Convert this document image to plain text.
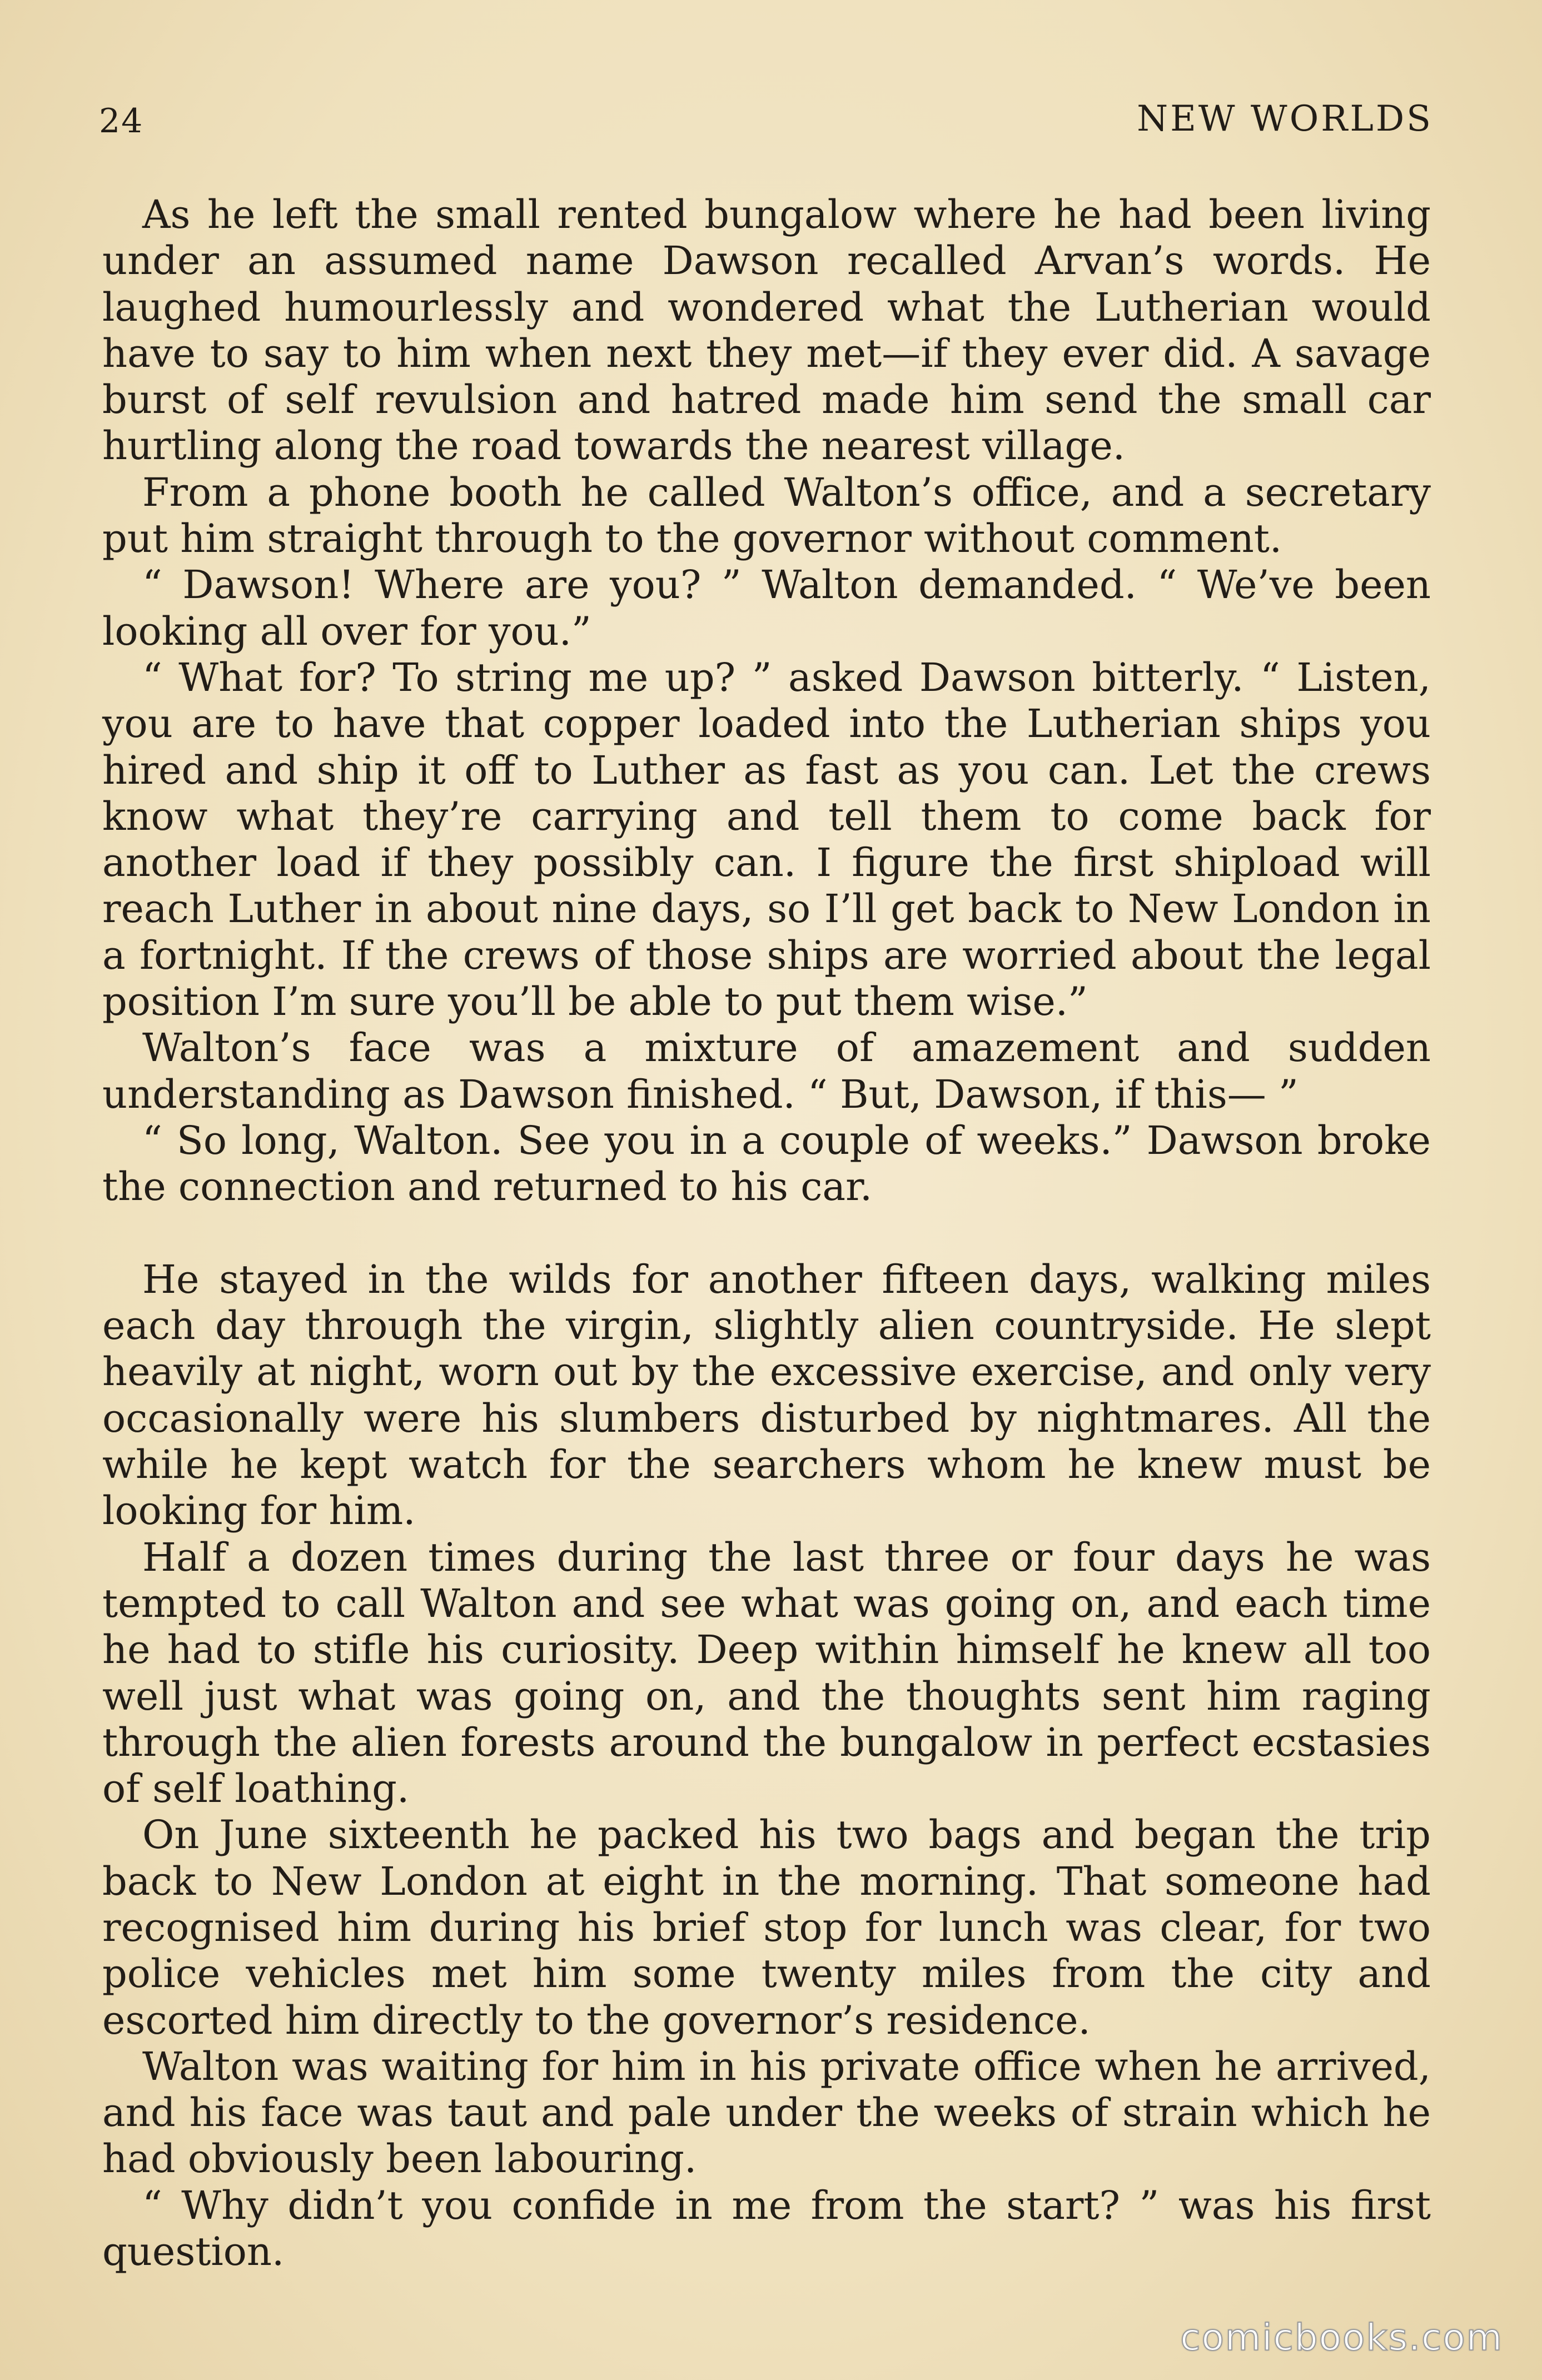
24	NEW WORLDS

As he left the small rented bungalow where he had been living under an assumed name Dawson recalled Arvan’s words. He laughed humourlessly and wondered what the Lutherian would have to say to him when next they met—if they ever did. A savage burst of self revulsion and hatred made him send the small car hurtling along the road towards the nearest village.

From a phone booth he called Walton’s office, and a secretary put him straight through to the governor without comment.

“ Dawson! Where are you? ” Walton demanded. “ We’ve been looking all over for you.”

“ What for? To string me up? ” asked Dawson bitterly. “ Listen, you are to have that copper loaded into the Lutherian ships you hired and ship it off to Luther as fast as you can. Let the crews know what they’re carrying and tell them to come back for another load if they possibly can. I figure the first shipload will reach Luther in about nine days, so I’ll get back to New London in a fortnight. If the crews of those ships are worried about the legal position I’m sure you’ll be able to put them wise.”

Walton’s face was a mixture of amazement and sudden understanding as Dawson finished. “ But, Dawson, if this— ”

“ So long, Walton. See you in a couple of weeks.” Dawson broke the connection and returned to his car.

He stayed in the wilds for another fifteen days, walking miles each day through the virgin, slightly alien countryside. He slept heavily at night, worn out by the excessive exercise, and only very occasionally were his slumbers disturbed by nightmares. All the while he kept watch for the searchers whom he knew must be looking for him.

Half a dozen times during the last three or four days he was tempted to call Walton and see what was going on, and each time he had to stifle his curiosity. Deep within himself he knew all too well just what was going on, and the thoughts sent him raging through the alien forests around the bungalow in perfect ecstasies of self loathing.

On June sixteenth he packed his two bags and began the trip back to New London at eight in the morning. That someone had recognised him during his brief stop for lunch was clear, for two police vehicles met him some twenty miles from the city and escorted him directly to the governor’s residence.

Walton was waiting for him in his private office when he arrived, and his face was taut and pale under the weeks of strain which he had obviously been labouring.

“ Why didn’t you confide in me from the start? ” was his first question.

comicbooks.com
